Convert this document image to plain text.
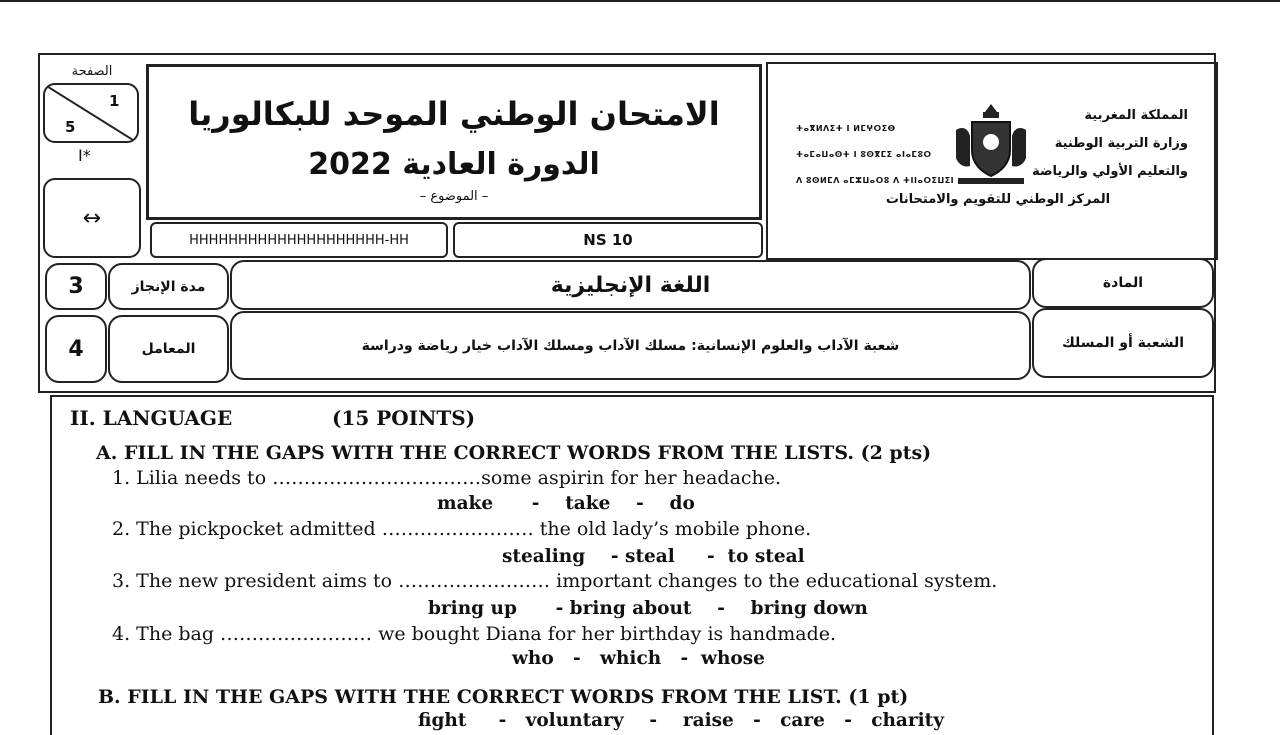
الصفحة
1
5
I*
↔
الامتحان الوطني الموحد للبكالوريا
الدورة العادية 2022
– الموضوع –
HHHHHHHHHHHHHHHHHHHH-HH	NS 10
المملكة المغربية
وزارة التربية الوطنية
والتعليم الأولي والرياضة
ⵜⴰⴳⵍⴷⵉⵜ ⵏ ⵍⵎⵖⵔⵉⴱ
ⵜⴰⵎⴰⵡⴰⵙⵜ ⵏ ⵓⵙⴳⵎⵉ ⴰⵏⴰⵎⵓⵔ
ⴷ ⵓⵙⵍⵎⴷ ⴰⵎⵣⵡⴰⵔⵓ ⴷ ⵜⵏⵏⴰⵔⵉⵡⵉⵏ
المركز الوطني للتقويم والامتحانات
3	مدة الإنجاز	اللغة الإنجليزية	المادة
4	المعامل	شعبة الآداب والعلوم الإنسانية: مسلك الآداب ومسلك الآداب خيار رياضة ودراسة	الشعبة أو المسلك
II. LANGUAGE	(15 POINTS)
A. FILL IN THE GAPS WITH THE CORRECT WORDS FROM THE LISTS. (2 pts)
1. Lilia needs to ……………………………some aspirin for her headache.
make      -    take    -    do
2. The pickpocket admitted …………………… the old lady’s mobile phone.
stealing    - steal     -  to steal
3. The new president aims to …………………… important changes to the educational system.
bring up      - bring about    -    bring down
4. The bag …………………… we bought Diana for her birthday is handmade.
who   -   which   -  whose
B. FILL IN THE GAPS WITH THE CORRECT WORDS FROM THE LIST. (1 pt)
fight     -   voluntary    -    raise   -   care   -   charity
